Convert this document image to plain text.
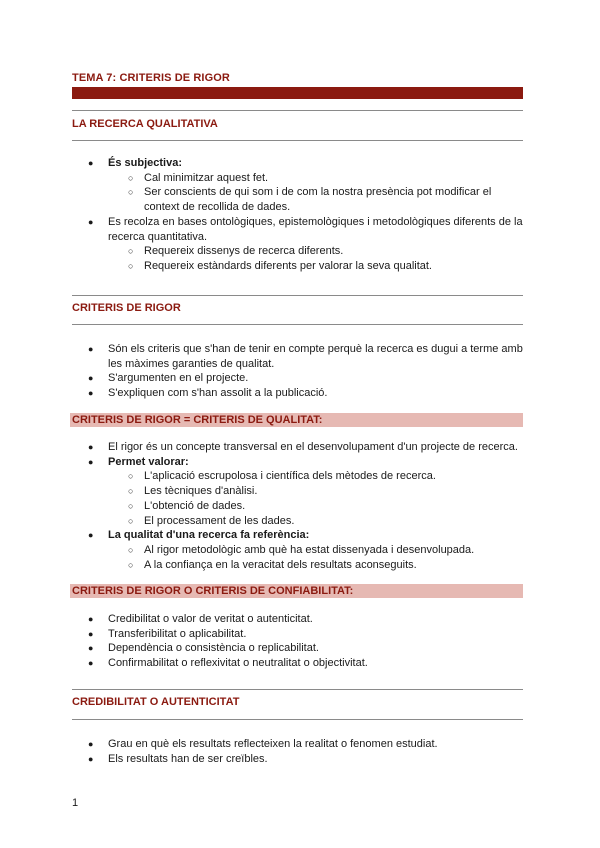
TEMA 7: CRITERIS DE RIGOR
LA RECERCA QUALITATIVA
● És subjectiva:
○ Cal minimitzar aquest fet.
○ Ser conscients de qui som i de com la nostra presència pot modificar el context de recollida de dades.
● Es recolza en bases ontològiques, epistemològiques i metodològiques diferents de la recerca quantitativa.
○ Requereix dissenys de recerca diferents.
○ Requereix estàndards diferents per valorar la seva qualitat.
CRITERIS DE RIGOR
● Són els criteris que s'han de tenir en compte perquè la recerca es dugui a terme amb les màximes garanties de qualitat.
● S'argumenten en el projecte.
● S'expliquen com s'han assolit a la publicació.
CRITERIS DE RIGOR = CRITERIS DE QUALITAT:
● El rigor és un concepte transversal en el desenvolupament d'un projecte de recerca.
● Permet valorar:
○ L'aplicació escrupolosa i científica dels mètodes de recerca.
○ Les tècniques d'anàlisi.
○ L'obtenció de dades.
○ El processament de les dades.
● La qualitat d'una recerca fa referència:
○ Al rigor metodològic amb què ha estat dissenyada i desenvolupada.
○ A la confiança en la veracitat dels resultats aconseguits.
CRITERIS DE RIGOR O CRITERIS DE CONFIABILITAT:
● Credibilitat o valor de veritat o autenticitat.
● Transferibilitat o aplicabilitat.
● Dependència o consistència o replicabilitat.
● Confirmabilitat o reflexivitat o neutralitat o objectivitat.
CREDIBILITAT O AUTENTICITAT
● Grau en què els resultats reflecteixen la realitat o fenomen estudiat.
● Els resultats han de ser creïbles.
1
